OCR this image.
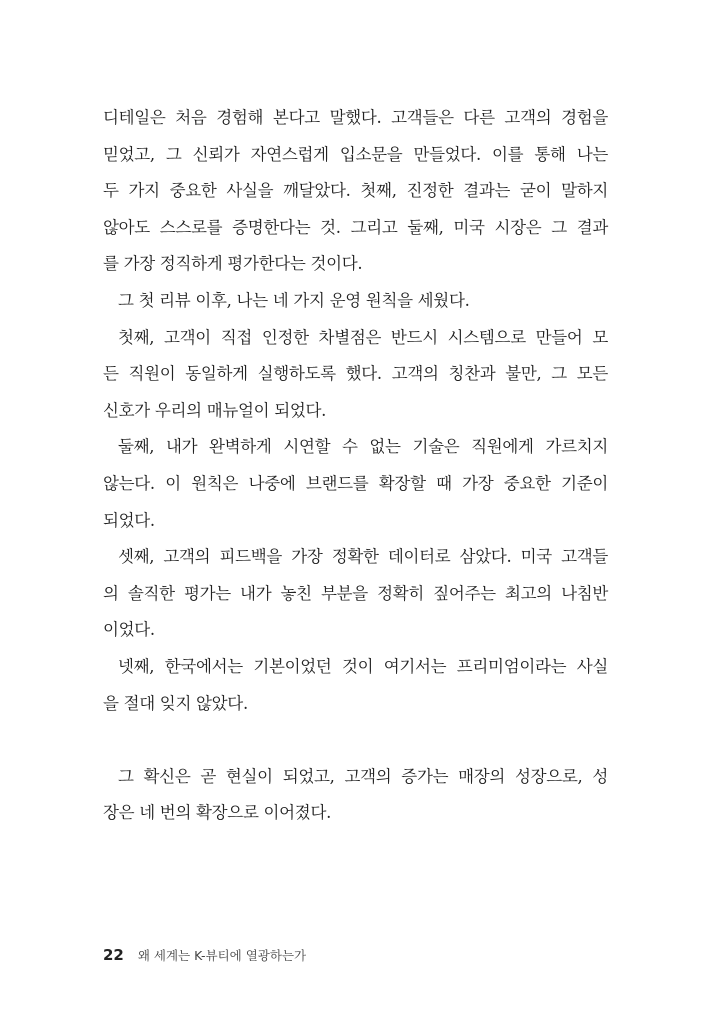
디테일은 처음 경험해 본다고 말했다. 고객들은 다른 고객의 경험을
믿었고, 그 신뢰가 자연스럽게 입소문을 만들었다. 이를 통해 나는
두 가지 중요한 사실을 깨달았다. 첫째, 진정한 결과는 굳이 말하지
않아도 스스로를 증명한다는 것. 그리고 둘째, 미국 시장은 그 결과
를 가장 정직하게 평가한다는 것이다.
그 첫 리뷰 이후, 나는 네 가지 운영 원칙을 세웠다.
첫째, 고객이 직접 인정한 차별점은 반드시 시스템으로 만들어 모
든 직원이 동일하게 실행하도록 했다. 고객의 칭찬과 불만, 그 모든
신호가 우리의 매뉴얼이 되었다.
둘째, 내가 완벽하게 시연할 수 없는 기술은 직원에게 가르치지
않는다. 이 원칙은 나중에 브랜드를 확장할 때 가장 중요한 기준이
되었다.
셋째, 고객의 피드백을 가장 정확한 데이터로 삼았다. 미국 고객들
의 솔직한 평가는 내가 놓친 부분을 정확히 짚어주는 최고의 나침반
이었다.
넷째, 한국에서는 기본이었던 것이 여기서는 프리미엄이라는 사실
을 절대 잊지 않았다.
그 확신은 곧 현실이 되었고, 고객의 증가는 매장의 성장으로, 성
장은 네 번의 확장으로 이어졌다.
22 왜 세계는 K-뷰티에 열광하는가
